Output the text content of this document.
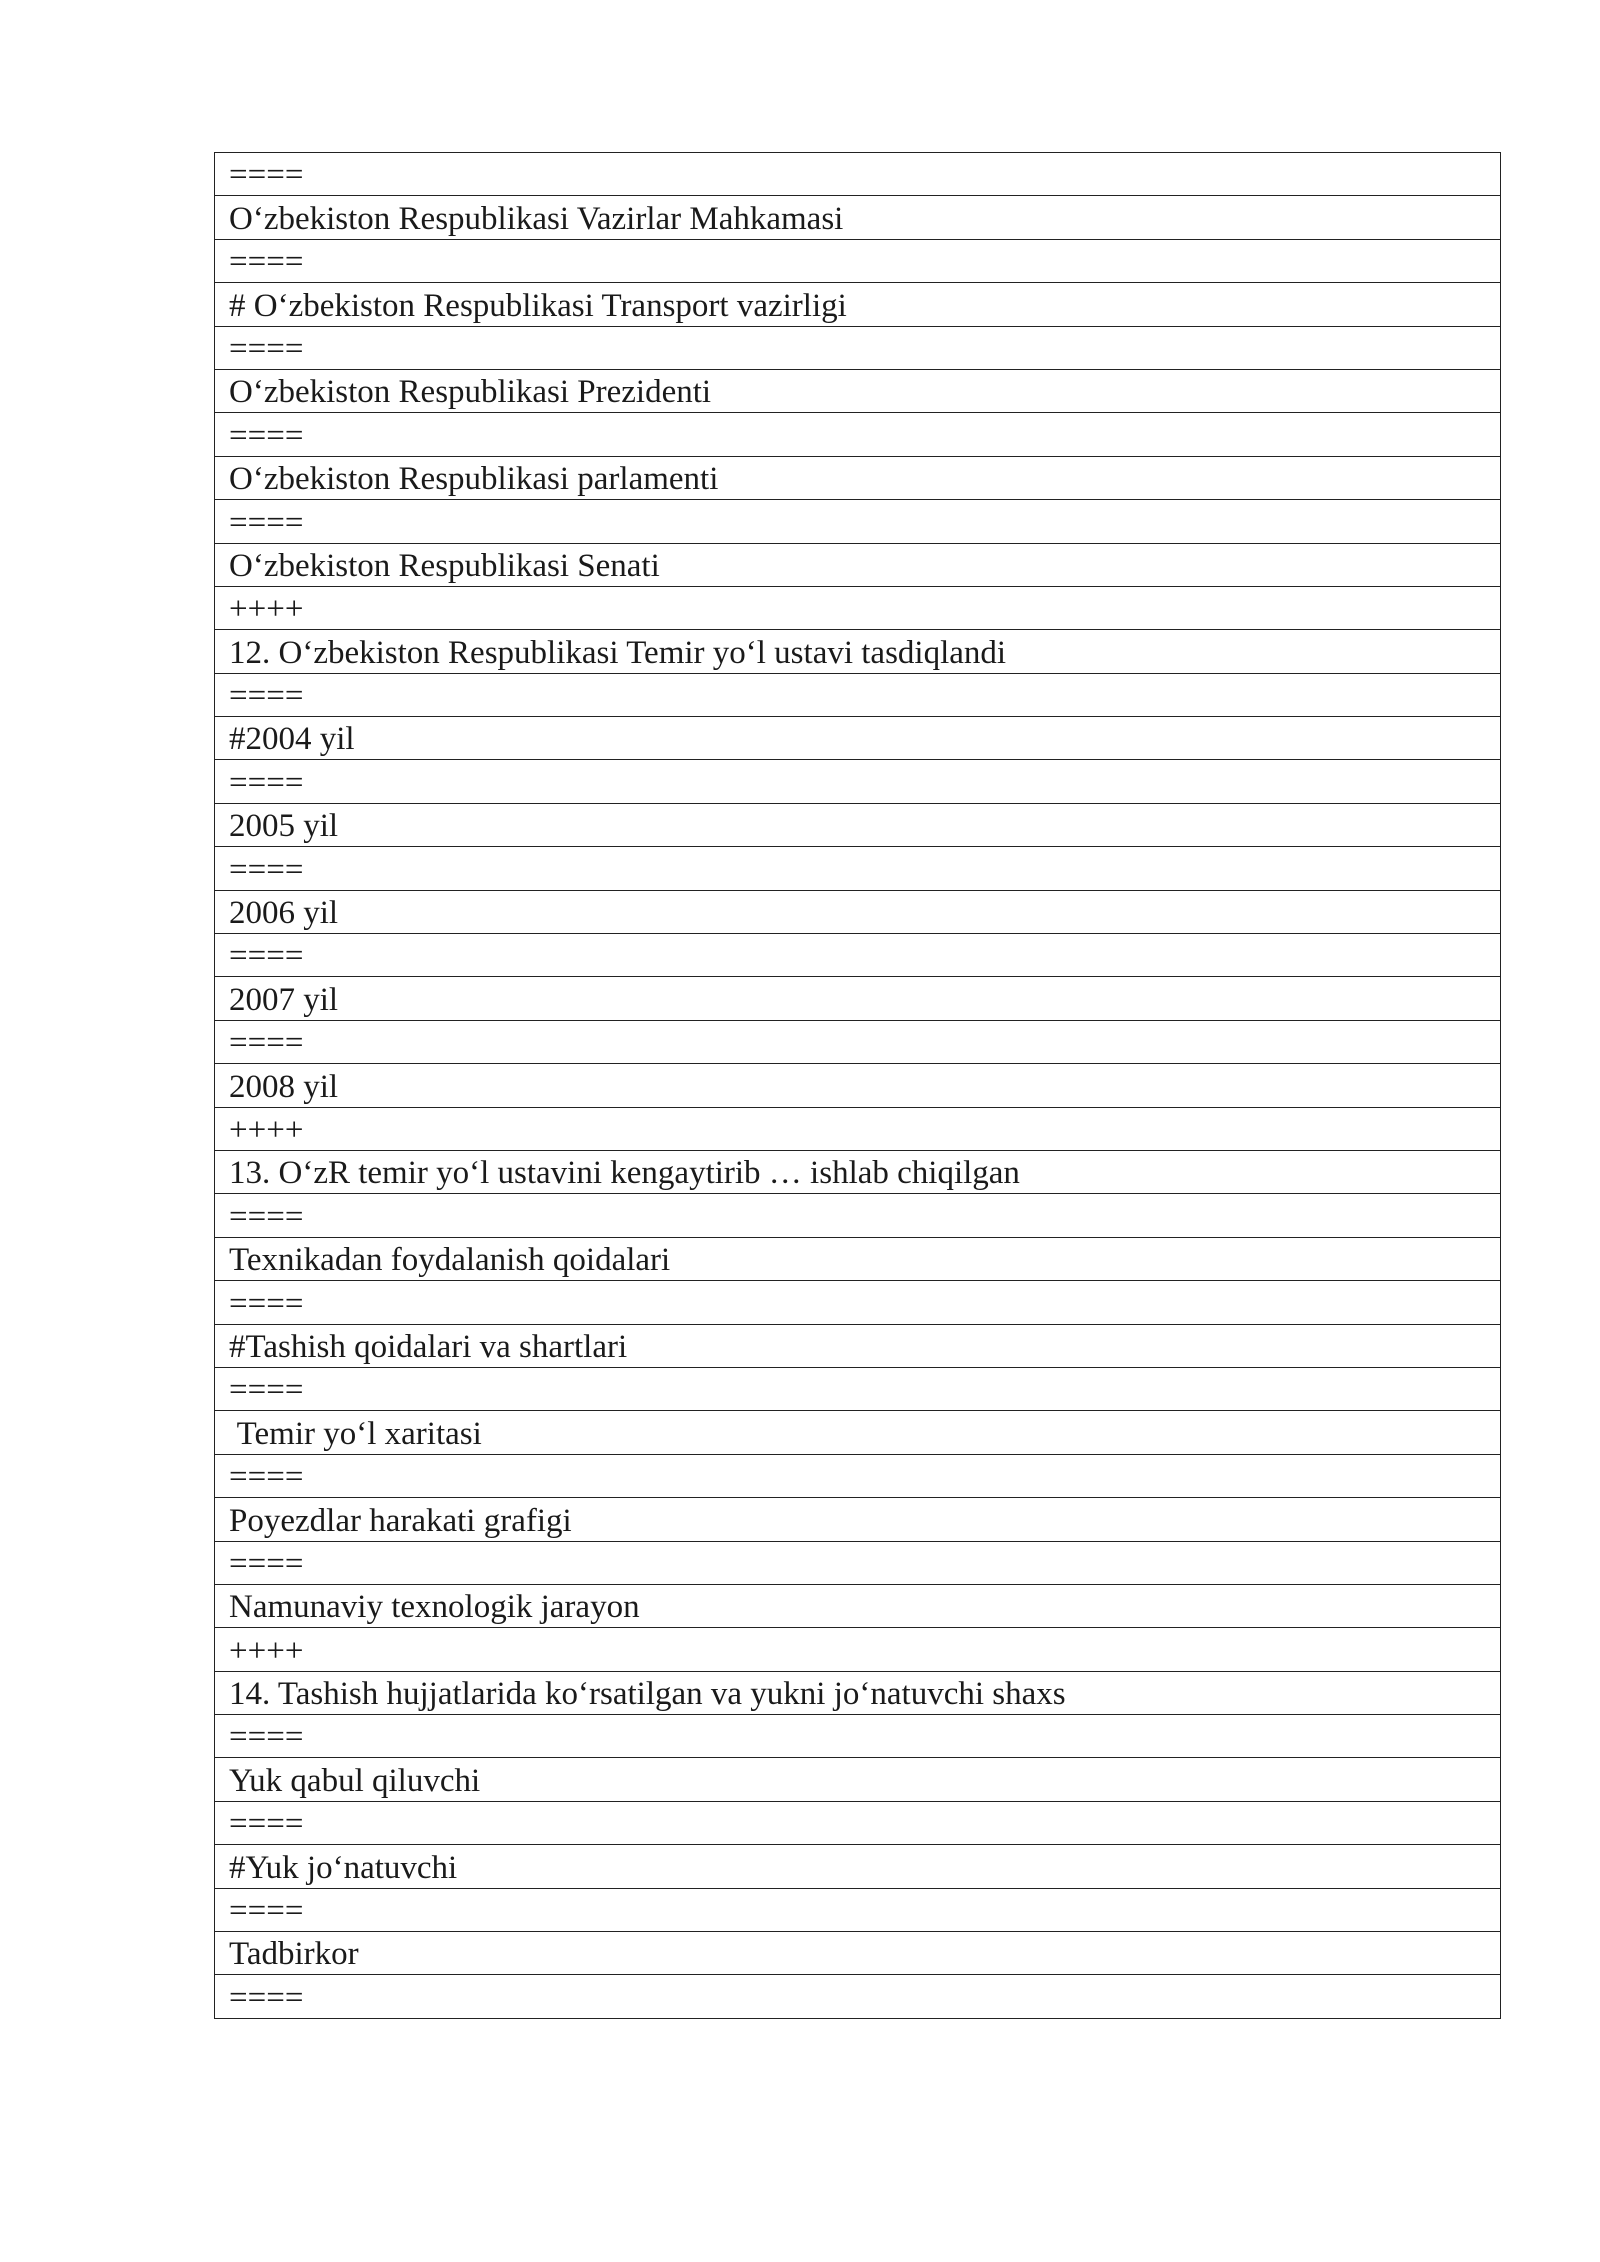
====
O‘zbekiston Respublikasi Vazirlar Mahkamasi
====
# O‘zbekiston Respublikasi Transport vazirligi
====
O‘zbekiston Respublikasi Prezidenti
====
O‘zbekiston Respublikasi parlamenti
====
O‘zbekiston Respublikasi Senati
++++
12. O‘zbekiston Respublikasi Temir yo‘l ustavi tasdiqlandi
====
#2004 yil
====
2005 yil
====
2006 yil
====
2007 yil
====
2008 yil
++++
13. O‘zR temir yo‘l ustavini kengaytirib … ishlab chiqilgan
====
Texnikadan foydalanish qoidalari
====
#Tashish qoidalari va shartlari
====
Temir yo‘l xaritasi
====
Poyezdlar harakati grafigi
====
Namunaviy texnologik jarayon
++++
14. Tashish hujjatlarida ko‘rsatilgan va yukni jo‘natuvchi shaxs
====
Yuk qabul qiluvchi
====
#Yuk jo‘natuvchi
====
Tadbirkor
====
